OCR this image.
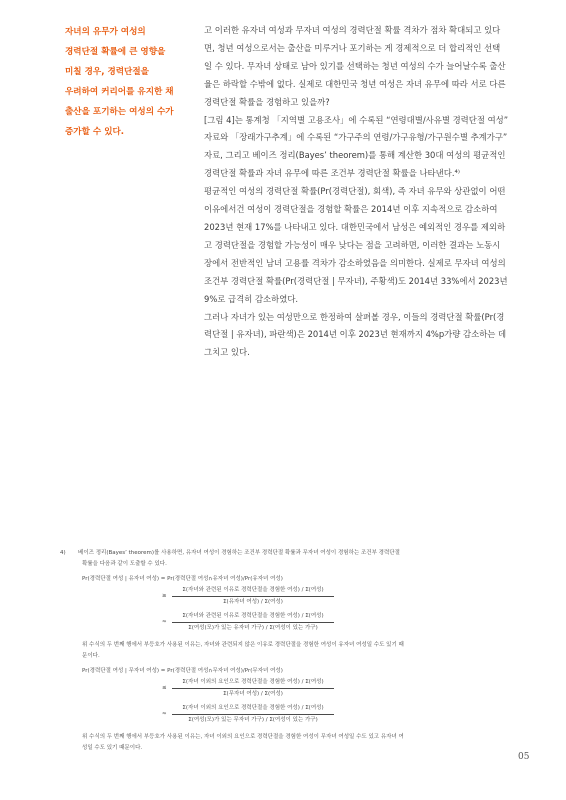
자녀의 유무가 여성의
경력단절 확률에 큰 영향을
미칠 경우, 경력단절을
우려하여 커리어를 유지한 채
출산을 포기하는 여성의 수가
증가할 수 있다.
고 이러한 유자녀 여성과 무자녀 여성의 경력단절 확률 격차가 점차 확대되고 있다
면, 청년 여성으로서는 출산을 미루거나 포기하는 게 경제적으로 더 합리적인 선택
일 수 있다. 무자녀 상태로 남아 있기를 선택하는 청년 여성의 수가 늘어날수록 출산
율은 하락할 수밖에 없다. 실제로 대한민국 청년 여성은 자녀 유무에 따라 서로 다른
경력단절 확률을 경험하고 있을까?
[그림 4]는 통계청 「지역별 고용조사」에 수록된 “연령대별/사유별 경력단절 여성”
자료와 「장래가구추계」에 수록된 “가구주의 연령/가구유형/가구원수별 추계가구”
자료, 그리고 베이즈 정리(Bayes’ theorem)를 통해 계산한 30대 여성의 평균적인
경력단절 확률과 자녀 유무에 따른 조건부 경력단절 확률을 나타낸다.⁴⁾
평균적인 여성의 경력단절 확률(Pr(경력단절), 회색), 즉 자녀 유무와 상관없이 어떤
이유에서건 여성이 경력단절을 경험할 확률은 2014년 이후 지속적으로 감소하여
2023년 현재 17%를 나타내고 있다. 대한민국에서 남성은 예외적인 경우를 제외하
고 경력단절을 경험할 가능성이 매우 낮다는 점을 고려하면, 이러한 결과는 노동시
장에서 전반적인 남녀 고용률 격차가 감소하였음을 의미한다. 실제로 무자녀 여성의
조건부 경력단절 확률(Pr(경력단절 | 무자녀), 주황색)도 2014년 33%에서 2023년
9%로 급격히 감소하였다.
그러나 자녀가 있는 여성만으로 한정하여 살펴볼 경우, 이들의 경력단절 확률(Pr(경
력단절 | 유자녀), 파란색)은 2014년 이후 2023년 현재까지 4%p가량 감소하는 데
그치고 있다.
4) 베이즈 정리(Bayes’ theorem)를 사용하면, 유자녀 여성이 경험하는 조건부 경력단절 확률과 무자녀 여성이 경험하는 조건부 경력단절
확률을 다음과 같이 도출할 수 있다.
Pr(경력단절 여성 | 유자녀 여성) = Pr(경력단절 여성∩유자녀 여성)/Pr(유자녀 여성)
≥
Σ(자녀와 관련된 이유로 경력단절을 경험한 여성) / Σ(여성)
Σ(유자녀 여성) / Σ(여성)
≈
Σ(자녀와 관련된 이유로 경력단절을 경험한 여성) / Σ(여성)
Σ(여성(모)가 있는 유자녀 가구) / Σ(여성이 있는 가구)
위 수식의 두 번째 행에서 부등호가 사용된 이유는, 자녀와 관련되지 않은 이유로 경력단절을 경험한 여성이 유자녀 여성일 수도 있기 때
문이다.
Pr(경력단절 여성 | 무자녀 여성) = Pr(경력단절 여성∩무자녀 여성)/Pr(무자녀 여성)
≤
Σ(자녀 이외의 요인으로 경력단절을 경험한 여성) / Σ(여성)
Σ(무자녀 여성) / Σ(여성)
≈
Σ(자녀 이외의 요인으로 경력단절을 경험한 여성) / Σ(여성)
Σ(여성(모)가 있는 무자녀 가구) / Σ(여성이 있는 가구)
위 수식의 두 번째 행에서 부등호가 사용된 이유는, 자녀 이외의 요인으로 경력단절을 경험한 여성이 무자녀 여성일 수도 있고 유자녀 여
성일 수도 있기 때문이다.
05
